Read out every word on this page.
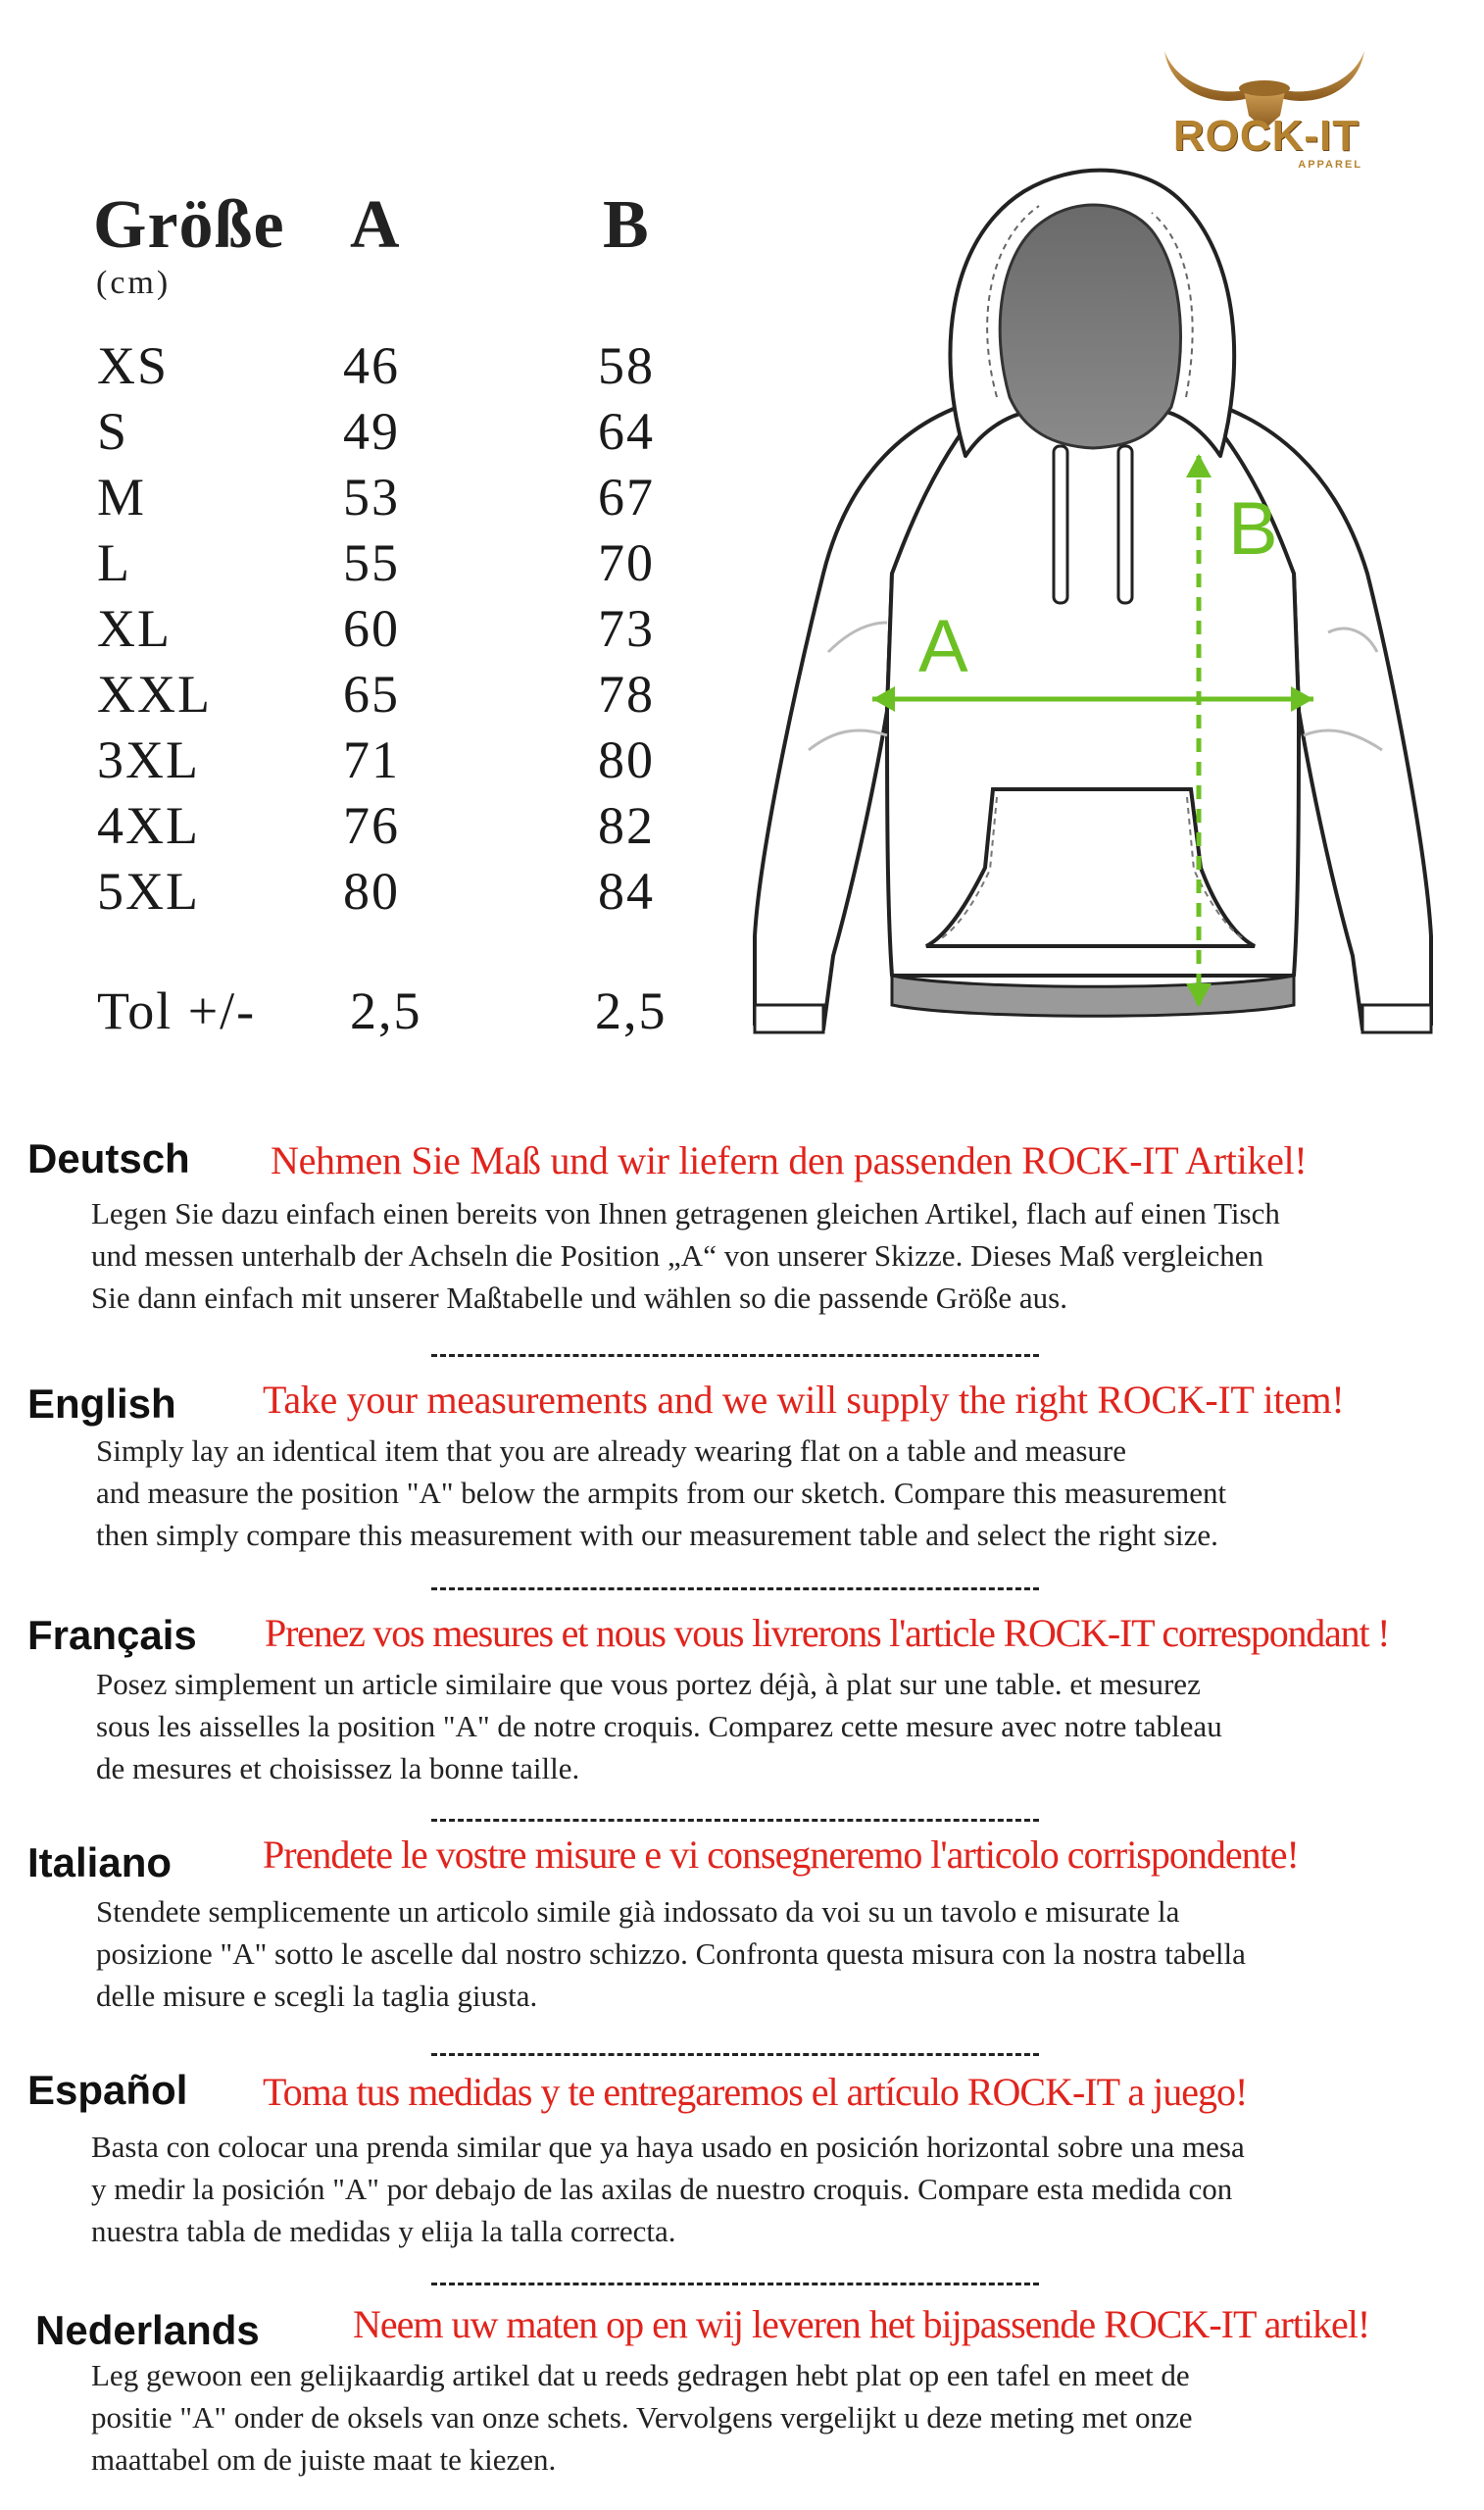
ROCK-IT
APPAREL
Größe A	B
(cm)
XS	46	58
S	49	64
M	53	67
L	55	70
XL	60	73
XXL 65	78
3XL	71	80
4XL	76	82
5XL	80	84
Tol +/- 2,5	2,5
A
B
Deutsch Nehmen Sie Maß und wir liefern den passenden ROCK-IT Artikel!
Legen Sie dazu einfach einen bereits von Ihnen getragenen gleichen Artikel, flach auf einen Tisch
und messen unterhalb der Achseln die Position „A“ von unserer Skizze. Dieses Maß vergleichen
Sie dann einfach mit unserer Maßtabelle und wählen so die passende Größe aus.
English Take your measurements and we will supply the right ROCK-IT item!
Simply lay an identical item that you are already wearing flat on a table and measure
and measure the position "A" below the armpits from our sketch. Compare this measurement
then simply compare this measurement with our measurement table and select the right size.
Français Prenez vos mesures et nous vous livrerons l'article ROCK-IT correspondant !
Posez simplement un article similaire que vous portez déjà, à plat sur une table. et mesurez
sous les aisselles la position "A" de notre croquis. Comparez cette mesure avec notre tableau
de mesures et choisissez la bonne taille.
Italiano Prendete le vostre misure e vi consegneremo l'articolo corrispondente!
Stendete semplicemente un articolo simile già indossato da voi su un tavolo e misurate la
posizione "A" sotto le ascelle dal nostro schizzo. Confronta questa misura con la nostra tabella
delle misure e scegli la taglia giusta.
Español Toma tus medidas y te entregaremos el artículo ROCK-IT a juego!
Basta con colocar una prenda similar que ya haya usado en posición horizontal sobre una mesa
y medir la posición "A" por debajo de las axilas de nuestro croquis. Compare esta medida con
nuestra tabla de medidas y elija la talla correcta.
Nederlands Neem uw maten op en wij leveren het bijpassende ROCK-IT artikel!
Leg gewoon een gelijkaardig artikel dat u reeds gedragen hebt plat op een tafel en meet de
positie "A" onder de oksels van onze schets. Vervolgens vergelijkt u deze meting met onze
maattabel om de juiste maat te kiezen.
